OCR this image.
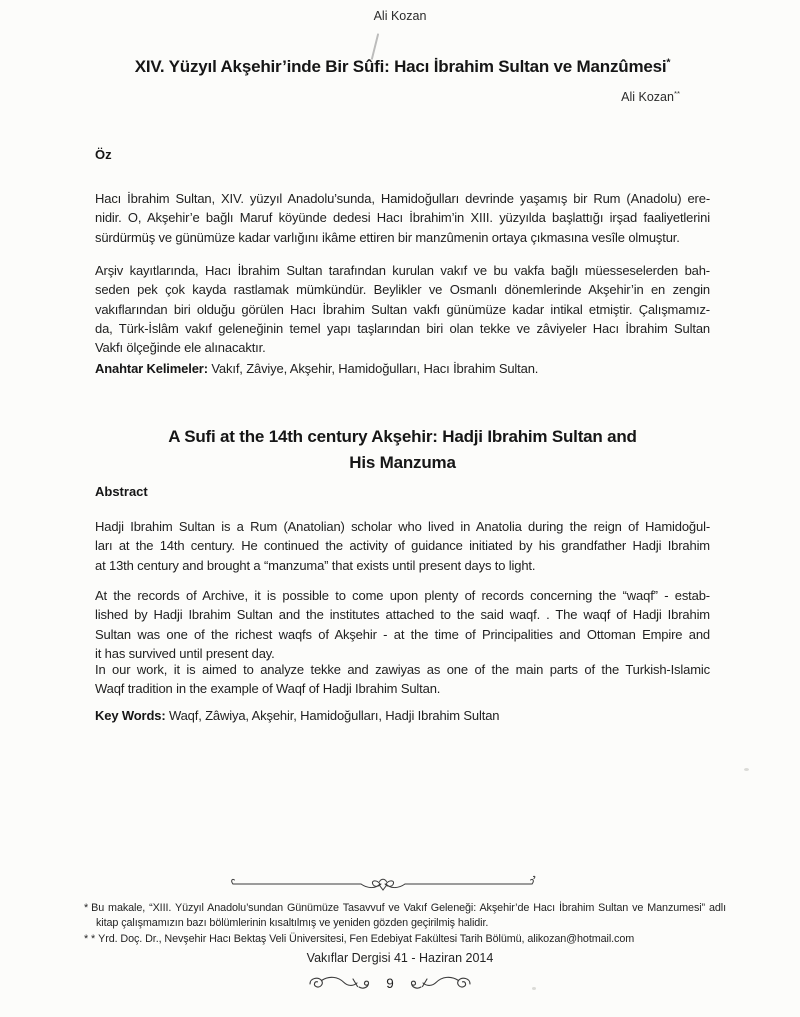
Ali Kozan
XIV. Yüzyıl Akşehir’inde Bir Sûfi: Hacı İbrahim Sultan ve Manzûmesi*
Ali Kozan**
Öz
Hacı İbrahim Sultan, XIV. yüzyıl Anadolu’sunda, Hamidoğulları devrinde yaşamış bir Rum (Anadolu) ere-
nidir. O, Akşehir’e bağlı Maruf köyünde dedesi Hacı İbrahim’in XIII. yüzyılda başlattığı irşad faaliyetlerini
sürdürmüş ve günümüze kadar varlığını ikâme ettiren bir manzûmenin ortaya çıkmasına vesîle olmuştur.
Arşiv kayıtlarında, Hacı İbrahim Sultan tarafından kurulan vakıf ve bu vakfa bağlı müesseselerden bah-
seden pek çok kayda rastlamak mümkündür. Beylikler ve Osmanlı dönemlerinde Akşehir’in en zengin
vakıflarından biri olduğu görülen Hacı İbrahim Sultan vakfı günümüze kadar intikal etmiştir. Çalışmamız-
da, Türk-İslâm vakıf geleneğinin temel yapı taşlarından biri olan tekke ve zâviyeler Hacı İbrahim Sultan
Vakfı ölçeğinde ele alınacaktır.
Anahtar Kelimeler: Vakıf, Zâviye, Akşehir, Hamidoğulları, Hacı İbrahim Sultan.
A Sufi at the 14th century Akşehir: Hadji Ibrahim Sultan and
His Manzuma
Abstract
Hadji Ibrahim Sultan is a Rum (Anatolian) scholar who lived in Anatolia during the reign of Hamidoğul-
ları at the 14th century. He continued the activity of guidance initiated by his grandfather Hadji Ibrahim
at 13th century and brought a “manzuma” that exists until present days to light.
At the records of Archive, it is possible to come upon plenty of records concerning the “waqf” - estab-
lished by Hadji Ibrahim Sultan and the institutes attached to the said waqf. . The waqf of Hadji Ibrahim
Sultan was one of the richest waqfs of Akşehir - at the time of Principalities and Ottoman Empire and
it has survived until present day.
In our work, it is aimed to analyze tekke and zawiyas as one of the main parts of the Turkish-Islamic
Waqf tradition in the example of Waqf of Hadji Ibrahim Sultan.
Key Words: Waqf, Zâwiya, Akşehir, Hamidoğulları, Hadji Ibrahim Sultan
* Bu makale, “XIII. Yüzyıl Anadolu’sundan Günümüze Tasavvuf ve Vakıf Geleneği: Akşehir’de Hacı İbrahim Sultan ve Manzumesi” adlı kitap çalışmamızın bazı bölümlerinin kısaltılmış ve yeniden gözden geçirilmiş halidir.
* * Yrd. Doç. Dr., Nevşehir Hacı Bektaş Veli Üniversitesi, Fen Edebiyat Fakültesi Tarih Bölümü, alikozan@hotmail.com
Vakıflar Dergisi 41 - Haziran 2014
9
